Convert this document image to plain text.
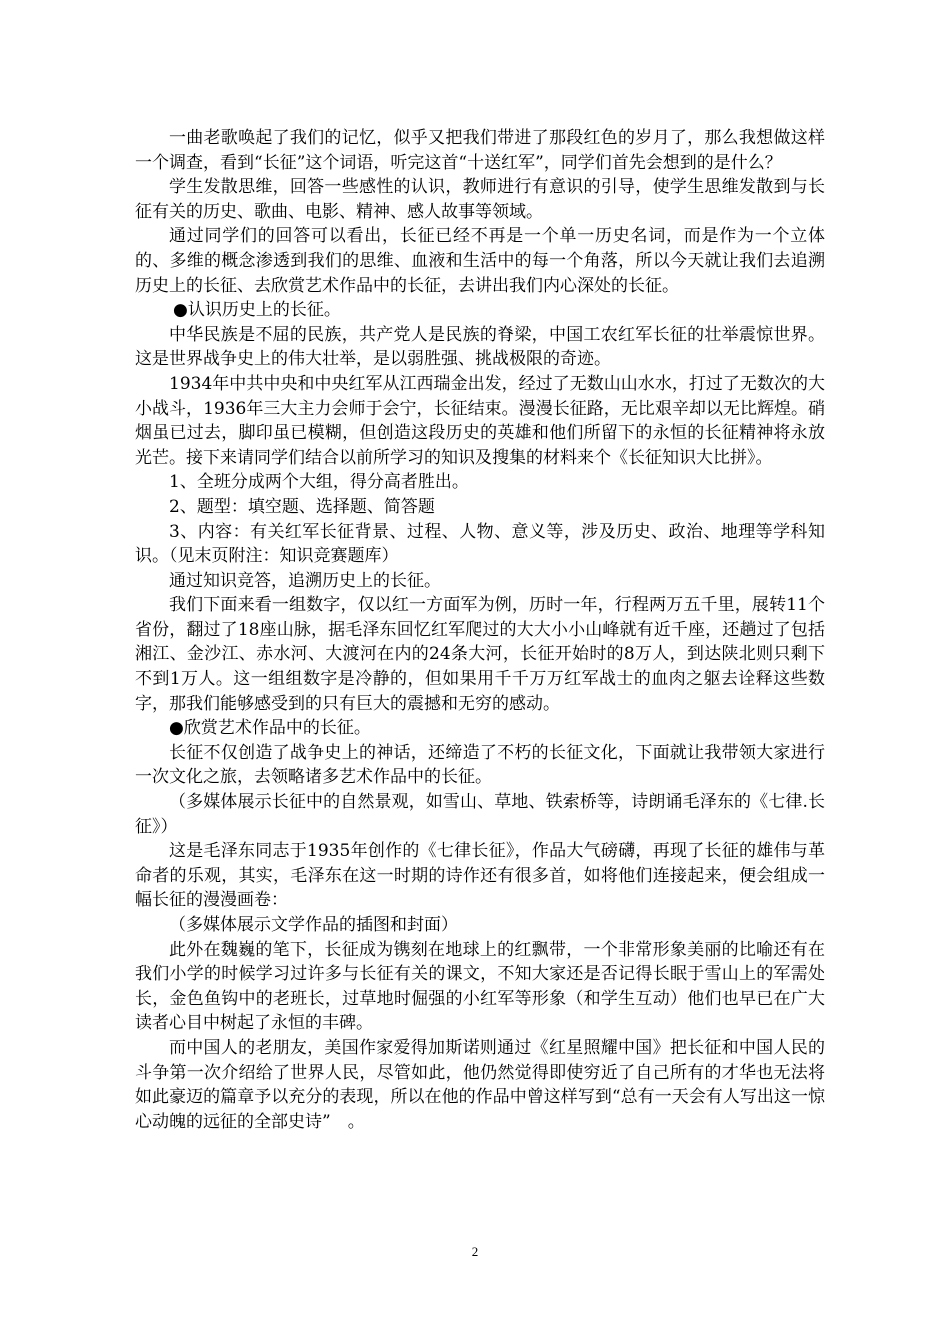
一曲老歌唤起了我们的记忆，似乎又把我们带进了那段红色的岁月了，那么我想做这样一个调查，看到“长征”这个词语，听完这首“十送红军”，同学们首先会想到的是什么？

学生发散思维，回答一些感性的认识，教师进行有意识的引导，使学生思维发散到与长征有关的历史、歌曲、电影、精神、感人故事等领域。

通过同学们的回答可以看出，长征已经不再是一个单一历史名词，而是作为一个立体的、多维的概念渗透到我们的思维、血液和生活中的每一个角落，所以今天就让我们去追溯历史上的长征、去欣赏艺术作品中的长征，去讲出我们内心深处的长征。

●认识历史上的长征。

中华民族是不屈的民族，共产党人是民族的脊梁，中国工农红军长征的壮举震惊世界。这是世界战争史上的伟大壮举，是以弱胜强、挑战极限的奇迹。

1934年中共中央和中央红军从江西瑞金出发，经过了无数山山水水，打过了无数次的大小战斗，1936年三大主力会师于会宁，长征结束。漫漫长征路，无比艰辛却以无比辉煌。硝烟虽已过去，脚印虽已模糊，但创造这段历史的英雄和他们所留下的永恒的长征精神将永放光芒。接下来请同学们结合以前所学习的知识及搜集的材料来个《长征知识大比拼》。

1、全班分成两个大组，得分高者胜出。

2、题型：填空题、选择题、简答题

3、内容：有关红军长征背景、过程、人物、意义等，涉及历史、政治、地理等学科知识。（见末页附注：知识竞赛题库）

通过知识竞答，追溯历史上的长征。

我们下面来看一组数字，仅以红一方面军为例，历时一年，行程两万五千里，展转11个省份，翻过了18座山脉，据毛泽东回忆红军爬过的大大小小山峰就有近千座，还趟过了包括湘江、金沙江、赤水河、大渡河在内的24条大河，长征开始时的8万人，到达陕北则只剩下不到1万人。这一组组数字是冷静的，但如果用千千万万红军战士的血肉之躯去诠释这些数字，那我们能够感受到的只有巨大的震撼和无穷的感动。

●欣赏艺术作品中的长征。

长征不仅创造了战争史上的神话，还缔造了不朽的长征文化，下面就让我带领大家进行一次文化之旅，去领略诸多艺术作品中的长征。

（多媒体展示长征中的自然景观，如雪山、草地、铁索桥等，诗朗诵毛泽东的《七律.长征》）

这是毛泽东同志于1935年创作的《七律长征》，作品大气磅礴，再现了长征的雄伟与革命者的乐观，其实，毛泽东在这一时期的诗作还有很多首，如将他们连接起来，便会组成一幅长征的漫漫画卷：

（多媒体展示文学作品的插图和封面）

此外在魏巍的笔下，长征成为镌刻在地球上的红飘带，一个非常形象美丽的比喻还有在我们小学的时候学习过许多与长征有关的课文，不知大家还是否记得长眠于雪山上的军需处长，金色鱼钩中的老班长，过草地时倔强的小红军等形象（和学生互动）他们也早已在广大读者心目中树起了永恒的丰碑。

而中国人的老朋友，美国作家爱得加斯诺则通过《红星照耀中国》把长征和中国人民的斗争第一次介绍给了世界人民，尽管如此，他仍然觉得即使穷近了自己所有的才华也无法将如此豪迈的篇章予以充分的表现，所以在他的作品中曾这样写到“总有一天会有人写出这一惊心动魄的远征的全部史诗”　。

2
